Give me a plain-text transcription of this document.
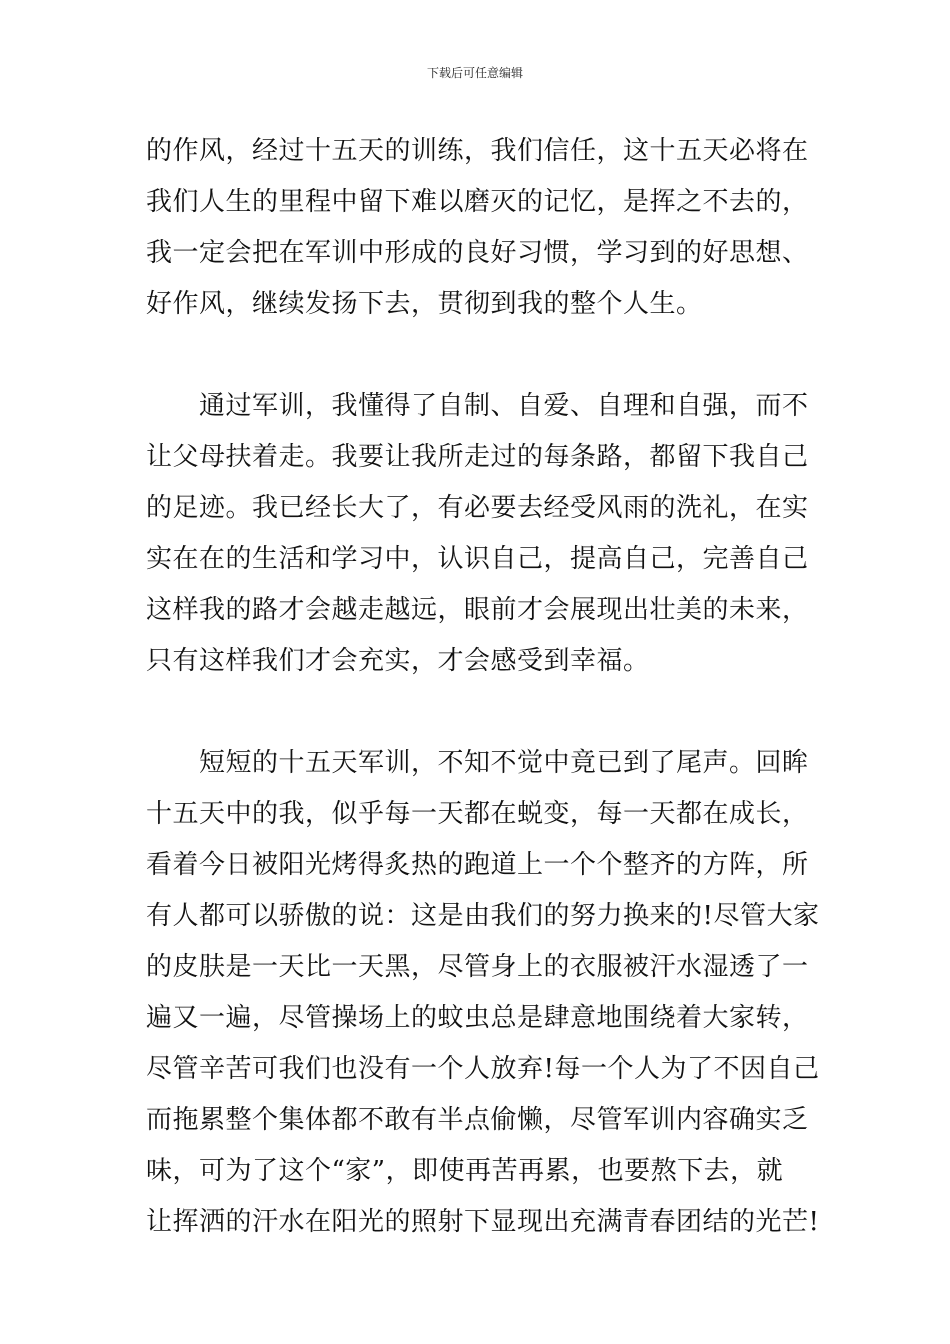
下载后可任意编辑
的作风，经过十五天的训练，我们信任，这十五天必将在
我们人生的里程中留下难以磨灭的记忆，是挥之不去的，
我一定会把在军训中形成的良好习惯，学习到的好思想、
好作风，继续发扬下去，贯彻到我的整个人生。
　　通过军训，我懂得了自制、自爱、自理和自强，而不
让父母扶着走。我要让我所走过的每条路，都留下我自己
的足迹。我已经长大了，有必要去经受风雨的洗礼，在实
实在在的生活和学习中，认识自己，提高自己，完善自己
这样我的路才会越走越远，眼前才会展现出壮美的未来，
只有这样我们才会充实，才会感受到幸福。
　　短短的十五天军训，不知不觉中竟已到了尾声。回眸
十五天中的我，似乎每一天都在蜕变，每一天都在成长，
看着今日被阳光烤得炙热的跑道上一个个整齐的方阵，所
有人都可以骄傲的说：这是由我们的努力换来的!尽管大家
的皮肤是一天比一天黑，尽管身上的衣服被汗水湿透了一
遍又一遍，尽管操场上的蚊虫总是肆意地围绕着大家转，
尽管辛苦可我们也没有一个人放弃!每一个人为了不因自己
而拖累整个集体都不敢有半点偷懒，尽管军训内容确实乏
味，可为了这个“家”，即使再苦再累，也要熬下去，就
让挥洒的汗水在阳光的照射下显现出充满青春团结的光芒!
